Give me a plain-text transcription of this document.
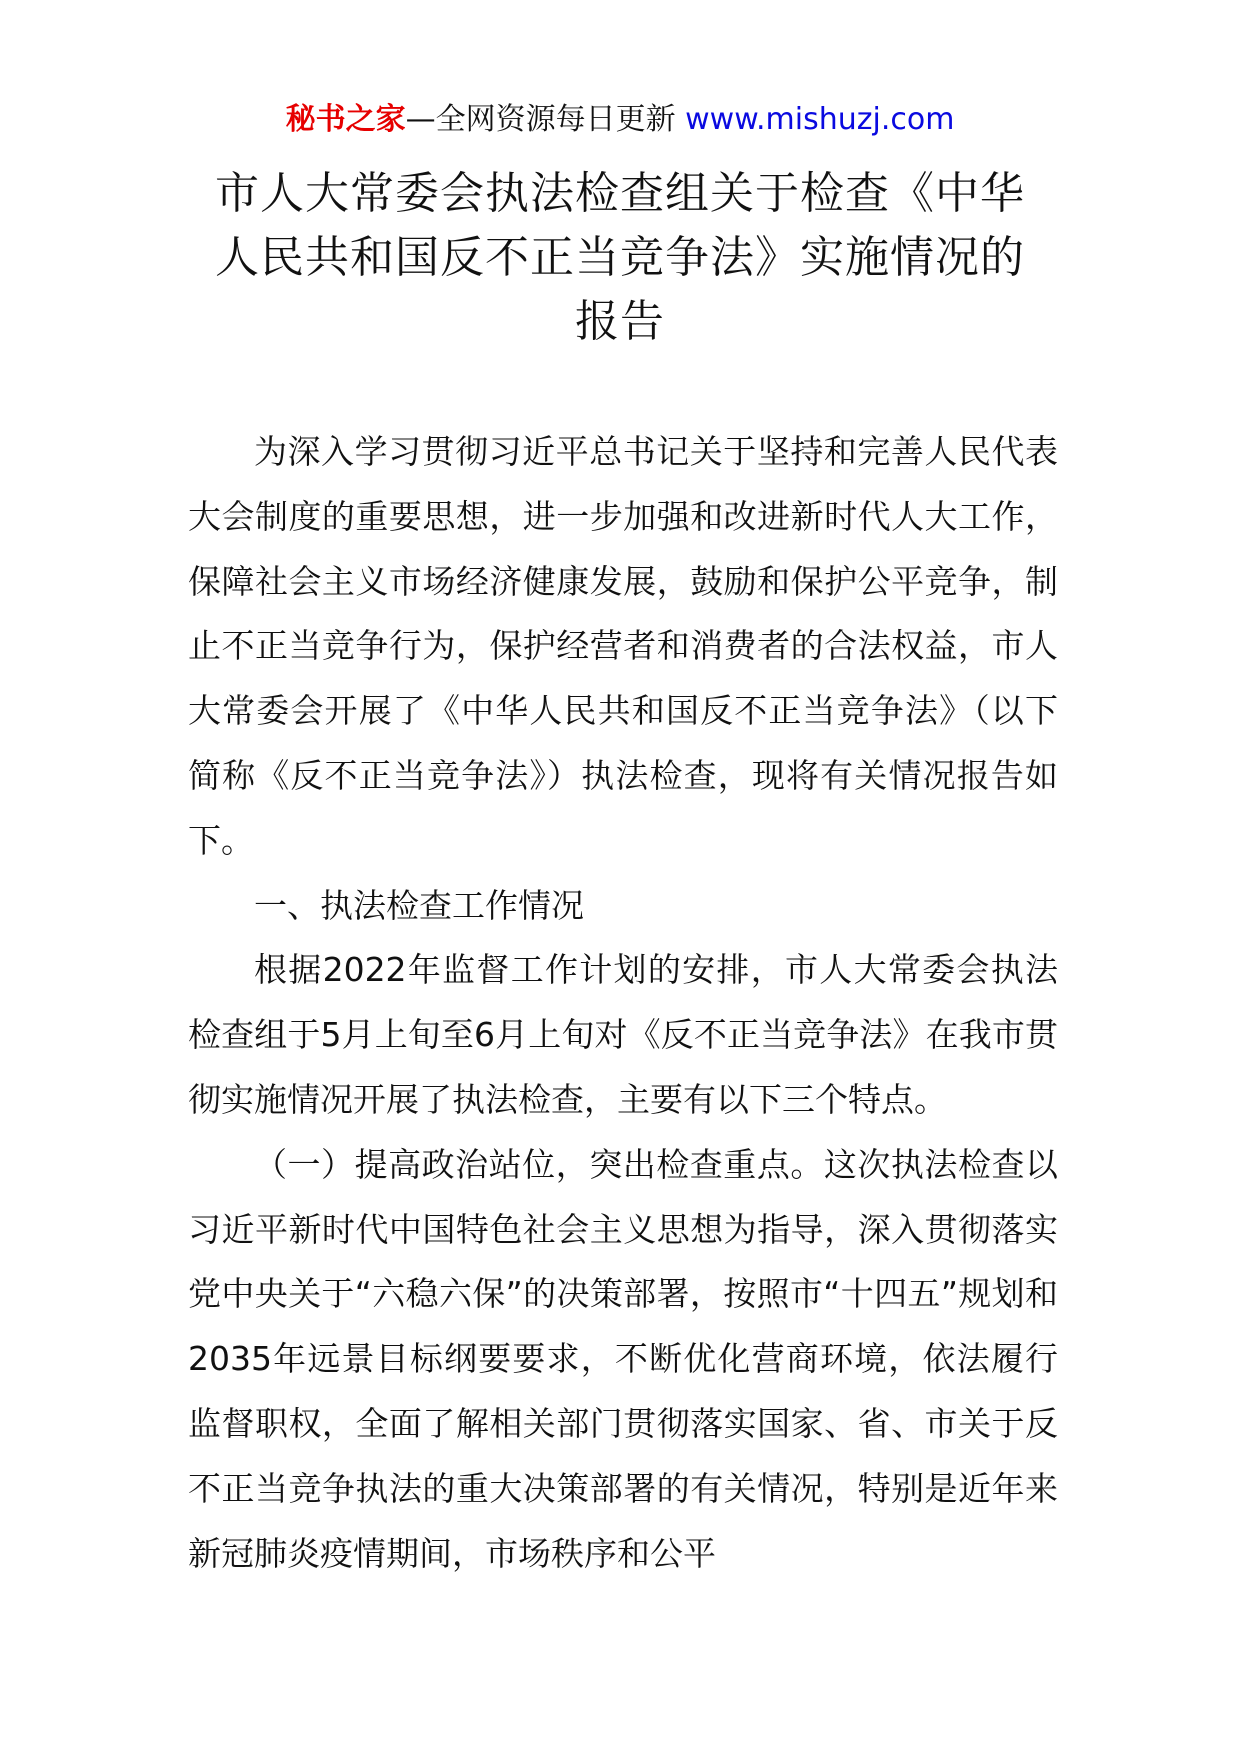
秘书之家—全网资源每日更新 www.mishuzj.com
市人大常委会执法检查组关于检查《中华
人民共和国反不正当竞争法》实施情况的
报告

为深入学习贯彻习近平总书记关于坚持和完善人民代表大会制度的重要思想，进一步加强和改进新时代人大工作，保障社会主义市场经济健康发展，鼓励和保护公平竞争，制止不正当竞争行为，保护经营者和消费者的合法权益，市人大常委会开展了《中华人民共和国反不正当竞争法》（以下简称《反不正当竞争法》）执法检查，现将有关情况报告如下。

一、执法检查工作情况

根据2022年监督工作计划的安排，市人大常委会执法检查组于5月上旬至6月上旬对《反不正当竞争法》在我市贯彻实施情况开展了执法检查，主要有以下三个特点。

（一）提高政治站位，突出检查重点。这次执法检查以习近平新时代中国特色社会主义思想为指导，深入贯彻落实党中央关于“六稳六保”的决策部署，按照市“十四五”规划和2035年远景目标纲要要求，不断优化营商环境，依法履行监督职权，全面了解相关部门贯彻落实国家、省、市关于反不正当竞争执法的重大决策部署的有关情况，特别是近年来新冠肺炎疫情期间，市场秩序和公平
